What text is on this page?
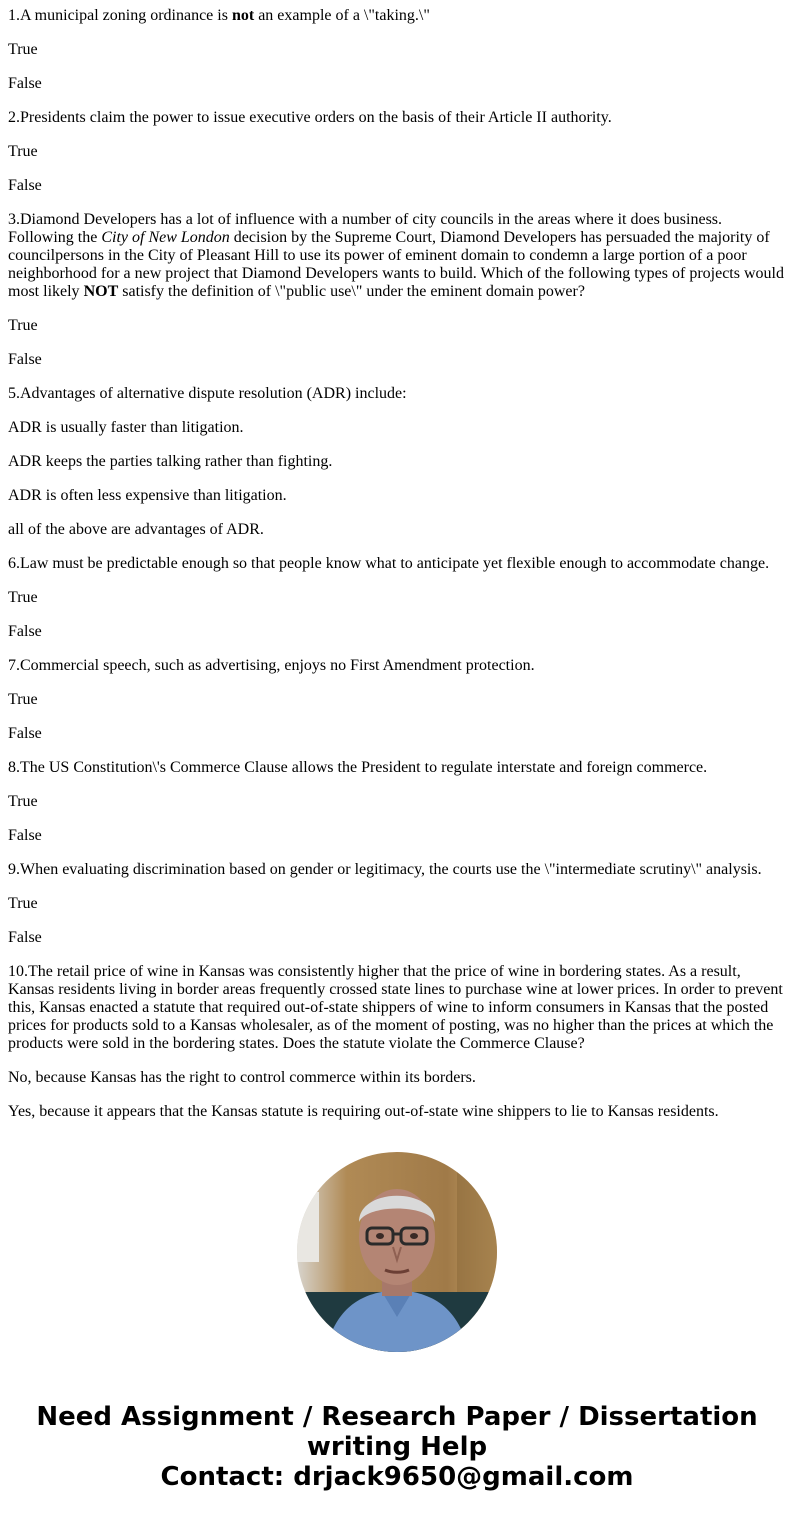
1.A municipal zoning ordinance is not an example of a \"taking.\"

True

False

2.Presidents claim the power to issue executive orders on the basis of their Article II authority.

True

False

3.Diamond Developers has a lot of influence with a number of city councils in the areas where it does business. Following the City of New London decision by the Supreme Court, Diamond Developers has persuaded the majority of councilpersons in the City of Pleasant Hill to use its power of eminent domain to condemn a large portion of a poor neighborhood for a new project that Diamond Developers wants to build. Which of the following types of projects would most likely NOT satisfy the definition of \"public use\" under the eminent domain power?

True

False

5.Advantages of alternative dispute resolution (ADR) include:

ADR is usually faster than litigation.

ADR keeps the parties talking rather than fighting.

ADR is often less expensive than litigation.

all of the above are advantages of ADR.

6.Law must be predictable enough so that people know what to anticipate yet flexible enough to accommodate change.

True

False

7.Commercial speech, such as advertising, enjoys no First Amendment protection.

True

False

8.The US Constitution\'s Commerce Clause allows the President to regulate interstate and foreign commerce.

True

False

9.When evaluating discrimination based on gender or legitimacy, the courts use the \"intermediate scrutiny\" analysis.

True

False

10.The retail price of wine in Kansas was consistently higher that the price of wine in bordering states. As a result, Kansas residents living in border areas frequently crossed state lines to purchase wine at lower prices. In order to prevent this, Kansas enacted a statute that required out-of-state shippers of wine to inform consumers in Kansas that the posted prices for products sold to a Kansas wholesaler, as of the moment of posting, was no higher than the prices at which the products were sold in the bordering states. Does the statute violate the Commerce Clause?

No, because Kansas has the right to control commerce within its borders.

Yes, because it appears that the Kansas statute is requiring out-of-state wine shippers to lie to Kansas residents.

Need Assignment / Research Paper / Dissertation
writing Help
Contact: drjack9650@gmail.com
